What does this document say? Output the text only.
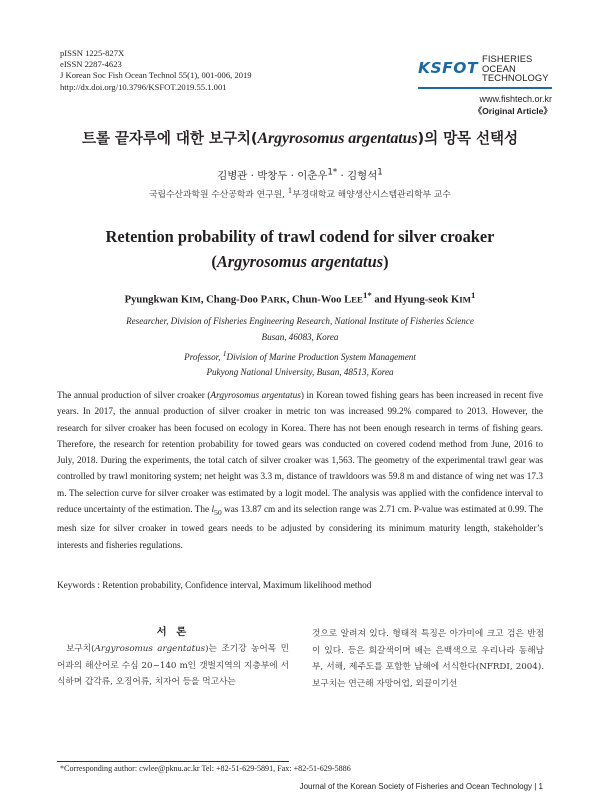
pISSN 1225-827X
eISSN 2287-4623
J Korean Soc Fish Ocean Technol 55(1), 001-006, 2019
http://dx.doi.org/10.3796/KSFOT.2019.55.1.001
KSFOT
FISHERIES OCEAN
TECHNOLOGY
www.fishtech.or.kr
《Original Article》
트롤 끝자루에 대한 보구치(Argyrosomus argentatus)의 망목 선택성
김병관 · 박창두 · 이춘우$^{1*}$ · 김형석$^1$
국립수산과학원 수산공학과 연구원, $^1$부경대학교 해양생산시스템관리학부 교수
Retention probability of trawl codend for silver croaker (Argyrosomus argentatus)
Pyungkwan KIM, Chang-Doo PARK, Chun-Woo $LEE^{1*}$ and Hyung-seok KIM$^1$
Researcher, Division of Fisheries Engineering Research, National Institute of Fisheries Science
Busan, 46083, Korea
Professor, $^1$Division of Marine Production System Management
Pukyong National University, Busan, 48513, Korea
The annual production of silver croaker (Argyrosomus argentatus) in Korean towed fishing gears has been increased in recent five years. In 2017, the annual production of silver croaker in metric ton was increased 99.2% compared to 2013. However, the research for silver croaker has been focused on ecology in Korea. There has not been enough research in terms of fishing gears. Therefore, the research for retention probability for towed gears was conducted on covered codend method from June, 2016 to July, 2018. During the experiments, the total catch of silver croaker was 1,563. The geometry of the experimental trawl gear was controlled by trawl monitoring system; net height was 3.3 m, distance of trawldoors was 59.8 m and distance of wing net was 17.3 m. The selection curve for silver croaker was estimated by a logit model. The analysis was applied with the confidence interval to reduce uncertainty of the estimation. The $l_{50}$ was 13.87 cm and its selection range was 2.71 cm. P-value was estimated at 0.99. The mesh size for silver croaker in towed gears needs to be adjusted by considering its minimum maturity length, stakeholder’s interests and fisheries regulations.
Keywords : Retention probability, Confidence interval, Maximum likelihood method
서 론

보구치(Argyrosomus argentatus)는 조기강 농어목 민어과의 해산어로 수심 20~140 m인 갯벌지역의 지층부에 서식하며 갑각류, 오징어류, 치자어 등을 먹고사는

것으로 알려져 있다. 형태적 특징은 아가미에 크고 검은 반점이 있다. 등은 회갈색이며 배는 은백색으로 우리나라 동해남부, 서해, 제주도를 포함한 남해에 서식한다(NFRDI, 2004). 보구치는 연근해 자망어업, 외끌이기선
*Corresponding author: cwlee@pknu.ac.kr Tel: +82-51-629-5891, Fax: +82-51-629-5886
Journal of the Korean Society of Fisheries and Ocean Technology | 1
